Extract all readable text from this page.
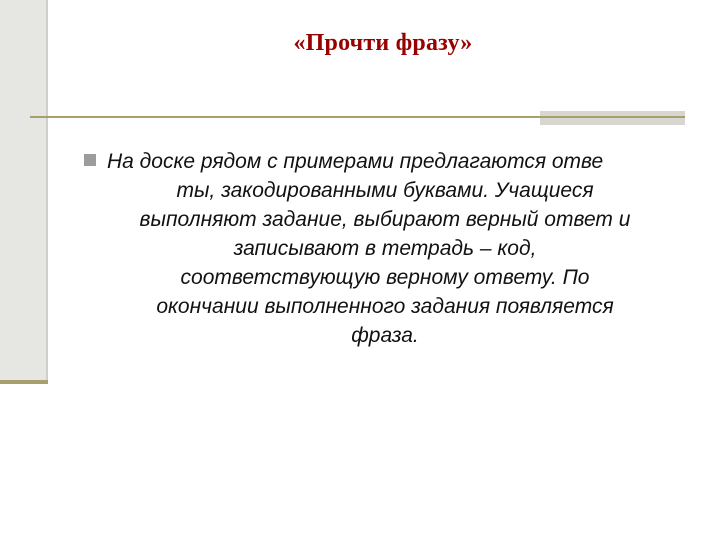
«Прочти фразу»
На доске рядом с примерами предлагаются отве
ты, закодированными буквами. Учащиеся
выполняют задание, выбирают верный ответ и
записывают в тетрадь – код,
соответствующую верному ответу. По
окончании выполненного задания появляется
фраза.
